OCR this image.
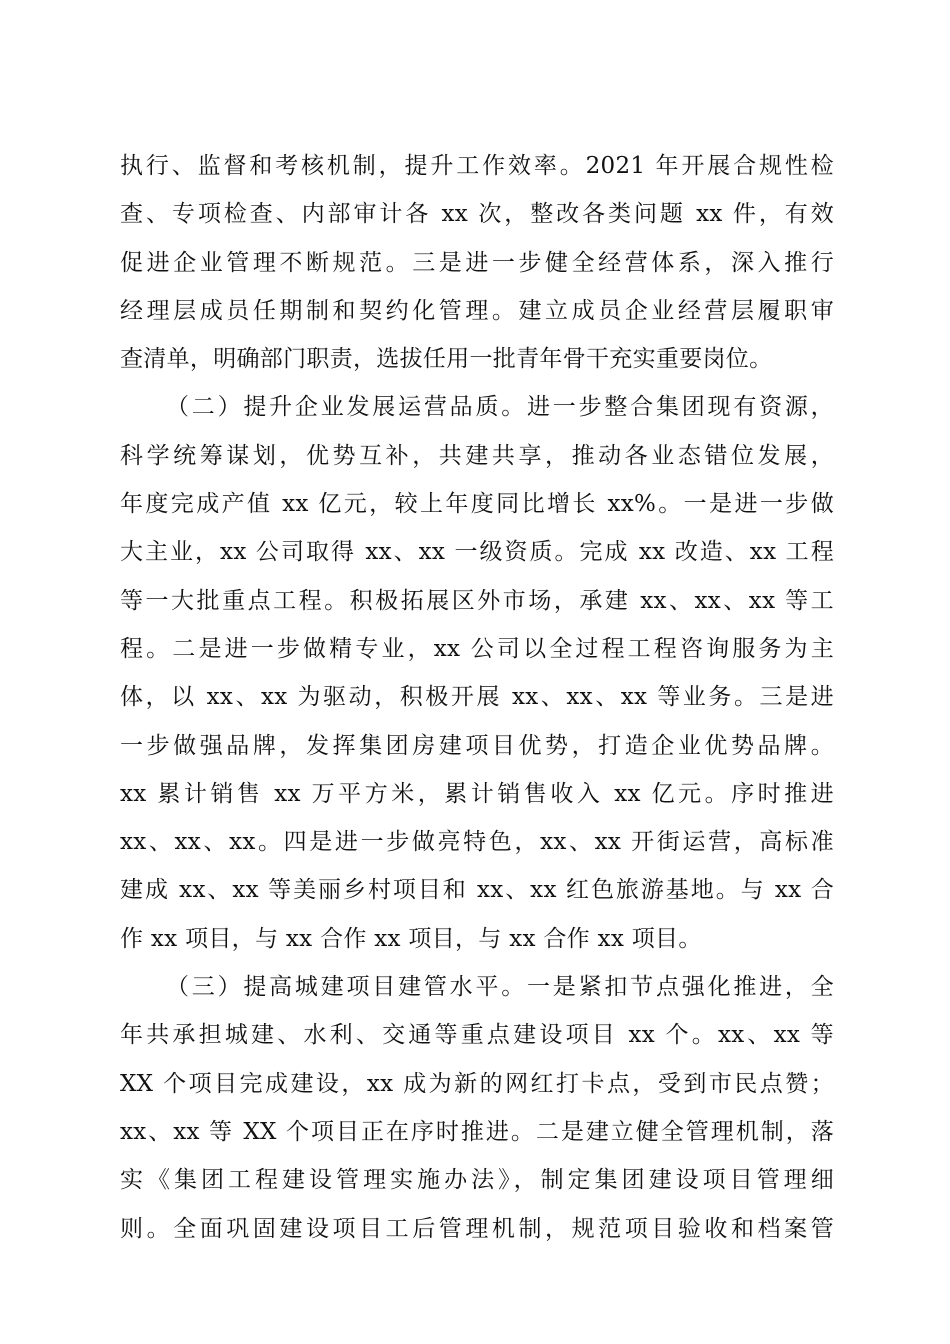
执行、监督和考核机制，提升工作效率。2021 年开展合规性检
查、专项检查、内部审计各 xx 次，整改各类问题 xx 件，有效
促进企业管理不断规范。三是进一步健全经营体系，深入推行
经理层成员任期制和契约化管理。建立成员企业经营层履职审
查清单，明确部门职责，选拔任用一批青年骨干充实重要岗位。
（二）提升企业发展运营品质。进一步整合集团现有资源，
科学统筹谋划，优势互补，共建共享，推动各业态错位发展，
年度完成产值 xx 亿元，较上年度同比增长 xx%。一是进一步做
大主业，xx 公司取得 xx、xx 一级资质。完成 xx 改造、xx 工程
等一大批重点工程。积极拓展区外市场，承建 xx、xx、xx 等工
程。二是进一步做精专业，xx 公司以全过程工程咨询服务为主
体，以 xx、xx 为驱动，积极开展 xx、xx、xx 等业务。三是进
一步做强品牌，发挥集团房建项目优势，打造企业优势品牌。
xx 累计销售 xx 万平方米，累计销售收入 xx 亿元。序时推进
xx、xx、xx。四是进一步做亮特色，xx、xx 开街运营，高标准
建成 xx、xx 等美丽乡村项目和 xx、xx 红色旅游基地。与 xx 合
作 xx 项目，与 xx 合作 xx 项目，与 xx 合作 xx 项目。
（三）提高城建项目建管水平。一是紧扣节点强化推进，全
年共承担城建、水利、交通等重点建设项目 xx 个。xx、xx 等
XX 个项目完成建设，xx 成为新的网红打卡点，受到市民点赞；
xx、xx 等 XX 个项目正在序时推进。二是建立健全管理机制，落
实《集团工程建设管理实施办法》，制定集团建设项目管理细
则。全面巩固建设项目工后管理机制，规范项目验收和档案管
